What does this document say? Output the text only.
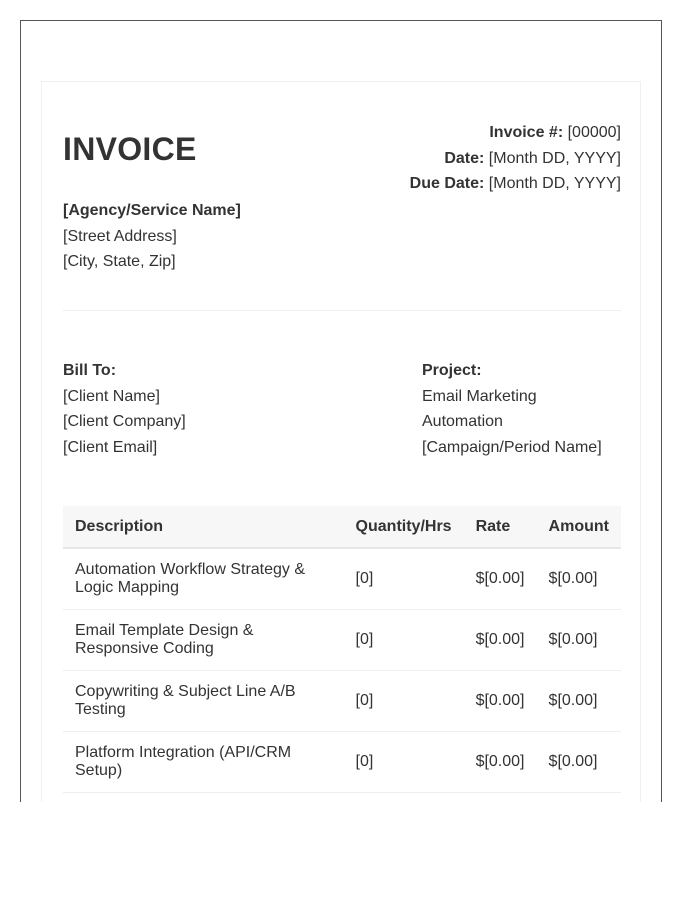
INVOICE	Invoice #: [00000]
Date: [Month DD, YYYY]
Due Date: [Month DD, YYYY]
[Agency/Service Name]
[Street Address]
[City, State, Zip]
Bill To:
[Client Name]
[Client Company]
[Client Email]
Project:
Email Marketing Automation
[Campaign/Period Name]
Description	Quantity/Hrs	Rate	Amount
Automation Workflow Strategy & Logic Mapping	[0]	$[0.00]	$[0.00]
Email Template Design & Responsive Coding	[0]	$[0.00]	$[0.00]
Copywriting & Subject Line A/B Testing	[0]	$[0.00]	$[0.00]
Platform Integration (API/CRM Setup)	[0]	$[0.00]	$[0.00]
